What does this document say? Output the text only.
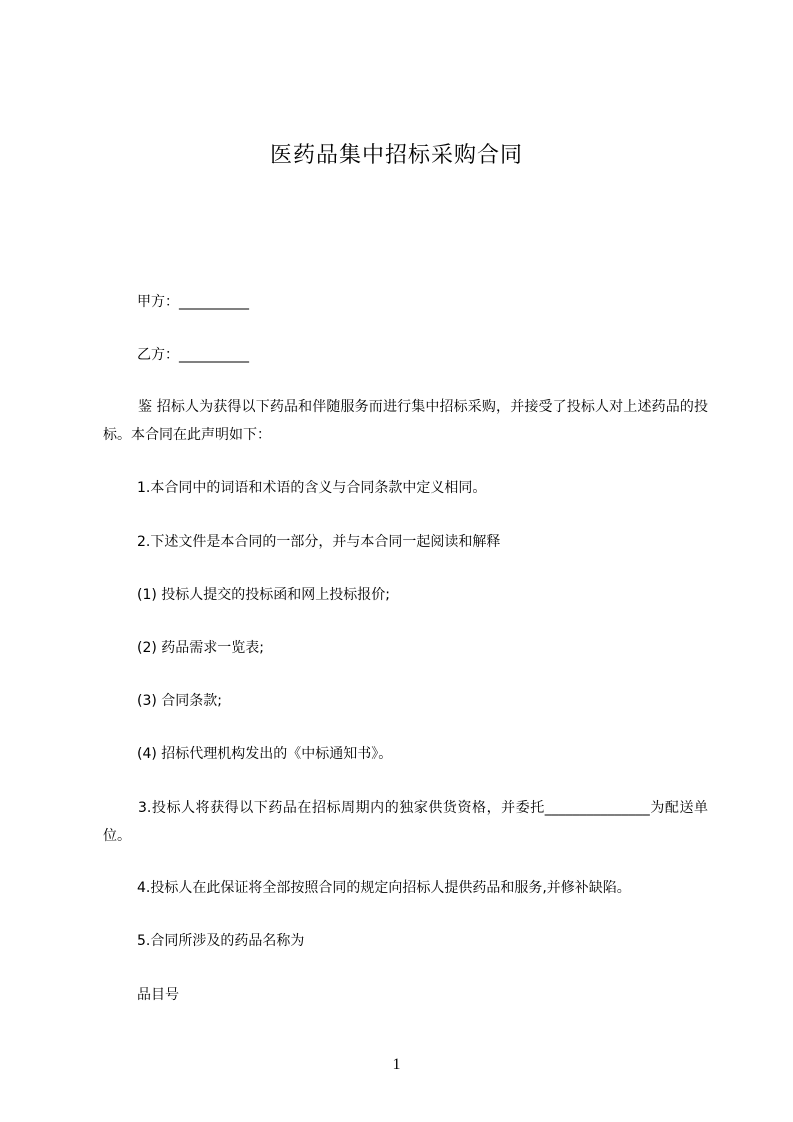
医药品集中招标采购合同
甲方：__________
乙方：__________
鉴 招标人为获得以下药品和伴随服务而进行集中招标采购，并接受了投标人对上述药品的投标。本合同在此声明如下：
1.本合同中的词语和术语的含义与合同条款中定义相同。
2.下述文件是本合同的一部分，并与本合同一起阅读和解释
(1) 投标人提交的投标函和网上投标报价;
(2) 药品需求一览表;
(3) 合同条款;
(4) 招标代理机构发出的《中标通知书》。
3.投标人将获得以下药品在招标周期内的独家供货资格，并委托_______________为配送单位。
4.投标人在此保证将全部按照合同的规定向招标人提供药品和服务,并修补缺陷。
5.合同所涉及的药品名称为
品目号
1
